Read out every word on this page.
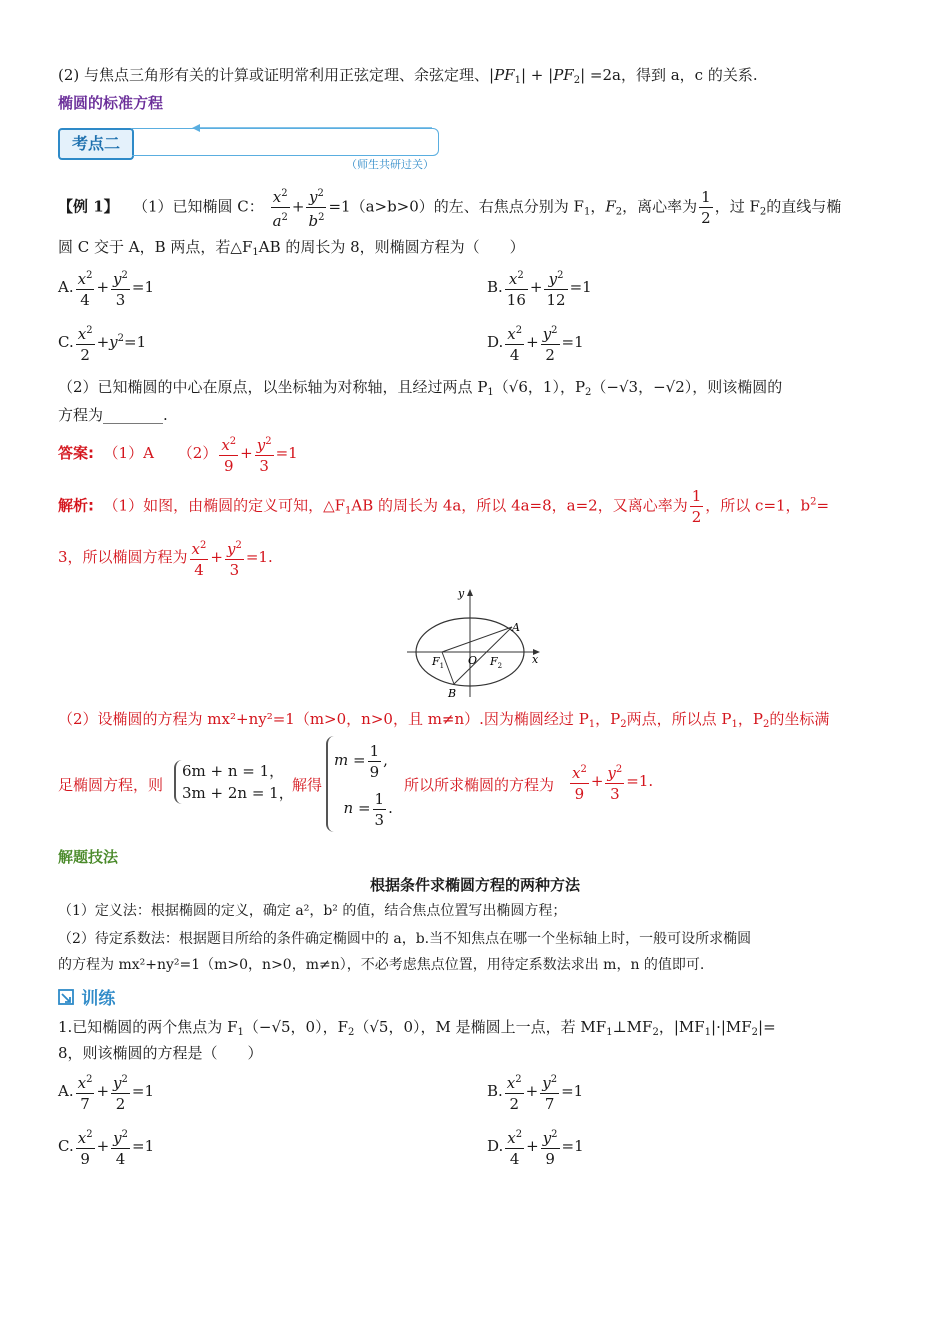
(2) 与焦点三角形有关的计算或证明常利用正弦定理、余弦定理、$|PF_1| + |PF_2| =2a$，得到 a，c 的关系.
椭圆的标准方程
考点二
（师生共研过关）
【例 1】 （1）已知椭圆 C： $\frac{x^2}{a^2} + \frac{y^2}{b^2} =1(a>b>0)$的左、右焦点分别为 $F_1$，$F_2$，离心率为 $\frac{1}{2}$ ，过 $F_2$的直线与椭
圆 C 交于 A，B 两点，若$\triangle F_1AB$ 的周长为 8，则椭圆方程为（　　）
A. $\frac{x^2}{4} + \frac{y^2}{3} =1$	B. $\frac{x^2}{16} + \frac{y^2}{12} =1$
C. $\frac{x^2}{2} +y^2=1$	D. $\frac{x^2}{4} + \frac{y^2}{2} =1$
（2）已知椭圆的中心在原点，以坐标轴为对称轴，且经过两点 $P_1(√6$，1），$P_2(-√3$，−√2），则该椭圆的
方程为________.
答案: （1）A $(2) \frac{x^2}{9} + \frac{y^2}{3} =1$
解析: （1）如图，由椭圆的定义可知，$\triangle F_1AB$ 的周长为 4a，所以 4a=8，a=2，又离心率为 $\frac{1}{2}$ ，所以 c=1，$b^2=$
3，所以椭圆方程为 $\frac{x^2}{4} + \frac{y^2}{3} =1$.
y
x
A
B
O
$F_1$	$F_2$
（2）设椭圆的方程为 mx²+ny²=1（m>0，n>0，且 m≠n）.因为椭圆经过 $P_1$，$P_2$两点，所以点 $P_1$，$P_2$的坐标满
足椭圆方程，则
6m + n = 1，
3m + 2n = 1，
解得
$m = \frac{1}{9}$ ,
$n = \frac{1}{3}$ .
所以所求椭圆的方程为 $\frac{x^2}{9} + \frac{y^2}{3} =1$.
解题技法
根据条件求椭圆方程的两种方法
（1）定义法：根据椭圆的定义，确定 a²，b² 的值，结合焦点位置写出椭圆方程；
（2）待定系数法：根据题目所给的条件确定椭圆中的 a，b.当不知焦点在哪一个坐标轴上时，一般可设所求椭圆
的方程为 mx²+ny²=1（m>0，n>0，m≠n），不必考虑焦点位置，用待定系数法求出 m，n 的值即可.
训练
1.已知椭圆的两个焦点为 $F_1(-√5$，0），$F_2(√5$，0），M 是椭圆上一点，若 $MF_1\perp MF_2$，$|MF_1|\cdot|MF_2|=$
8，则该椭圆的方程是（　　）
A. $\frac{x^2}{7} + \frac{y^2}{2} =1$	B. $\frac{x^2}{2} + \frac{y^2}{7} =1$
C. $\frac{x^2}{9} + \frac{y^2}{4} =1$	D. $\frac{x^2}{4} + \frac{y^2}{9} =1$
